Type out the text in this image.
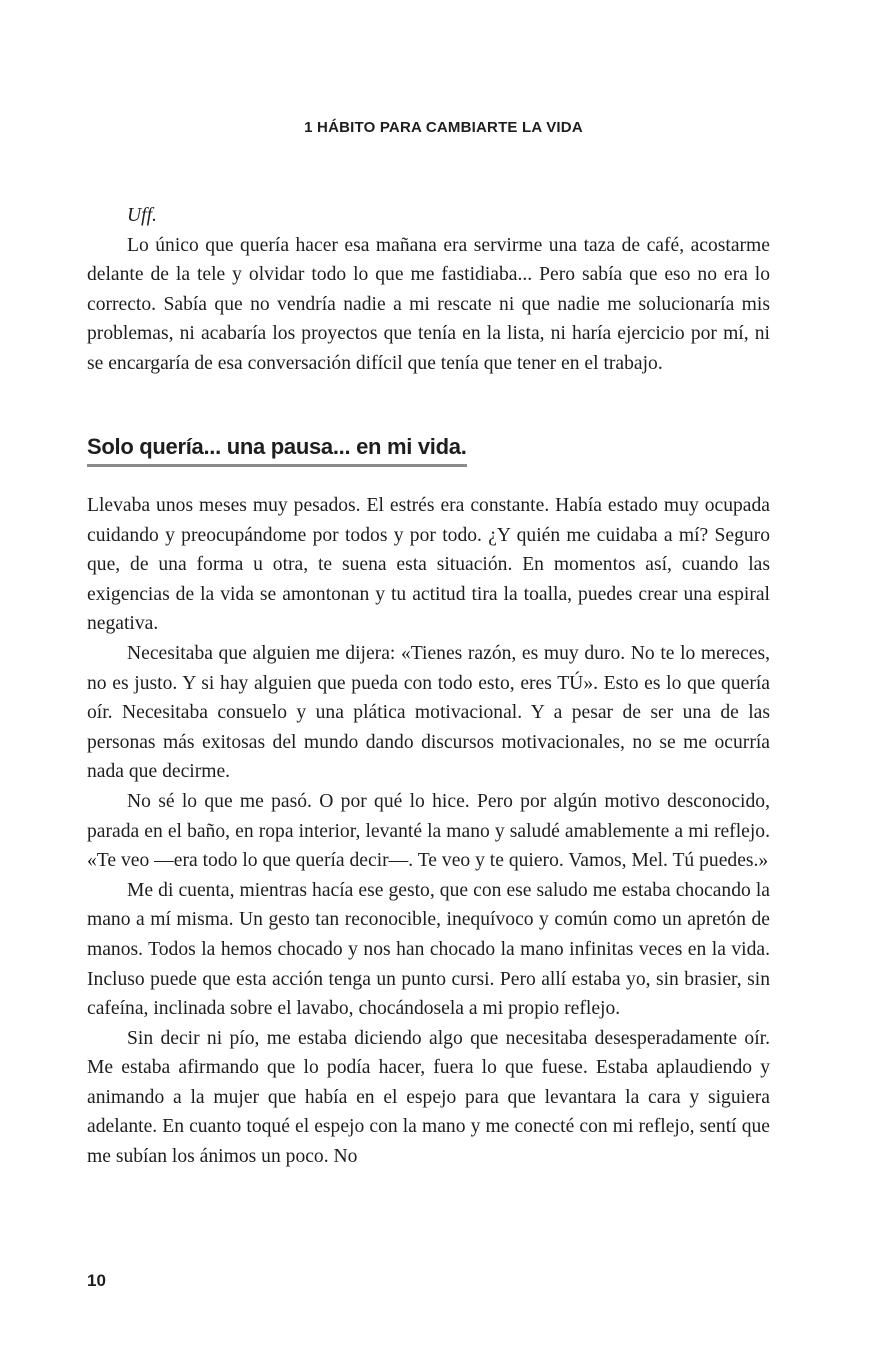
1 HÁBITO PARA CAMBIARTE LA VIDA

Uff.

Lo único que quería hacer esa mañana era servirme una taza de café, acostarme delante de la tele y olvidar todo lo que me fastidiaba... Pero sabía que eso no era lo correcto. Sabía que no vendría nadie a mi rescate ni que nadie me solucionaría mis problemas, ni acabaría los proyectos que tenía en la lista, ni haría ejercicio por mí, ni se encargaría de esa conversación difícil que tenía que tener en el trabajo.

Solo quería... una pausa... en mi vida.

Llevaba unos meses muy pesados. El estrés era constante. Había estado muy ocupada cuidando y preocupándome por todos y por todo. ¿Y quién me cuidaba a mí? Seguro que, de una forma u otra, te suena esta situación. En momentos así, cuando las exigencias de la vida se amontonan y tu actitud tira la toalla, puedes crear una espiral negativa.

Necesitaba que alguien me dijera: «Tienes razón, es muy duro. No te lo mereces, no es justo. Y si hay alguien que pueda con todo esto, eres TÚ». Esto es lo que quería oír. Necesitaba consuelo y una plática motivacional. Y a pesar de ser una de las personas más exitosas del mundo dando discursos motivacionales, no se me ocurría nada que decirme.

No sé lo que me pasó. O por qué lo hice. Pero por algún motivo desconocido, parada en el baño, en ropa interior, levanté la mano y saludé amablemente a mi reflejo. «Te veo —era todo lo que quería decir—. Te veo y te quiero. Vamos, Mel. Tú puedes.»

Me di cuenta, mientras hacía ese gesto, que con ese saludo me estaba chocando la mano a mí misma. Un gesto tan reconocible, inequívoco y común como un apretón de manos. Todos la hemos chocado y nos han chocado la mano infinitas veces en la vida. Incluso puede que esta acción tenga un punto cursi. Pero allí estaba yo, sin brasier, sin cafeína, inclinada sobre el lavabo, chocándosela a mi propio reflejo.

Sin decir ni pío, me estaba diciendo algo que necesitaba desesperadamente oír. Me estaba afirmando que lo podía hacer, fuera lo que fuese. Estaba aplaudiendo y animando a la mujer que había en el espejo para que levantara la cara y siguiera adelante. En cuanto toqué el espejo con la mano y me conecté con mi reflejo, sentí que me subían los ánimos un poco. No

10
